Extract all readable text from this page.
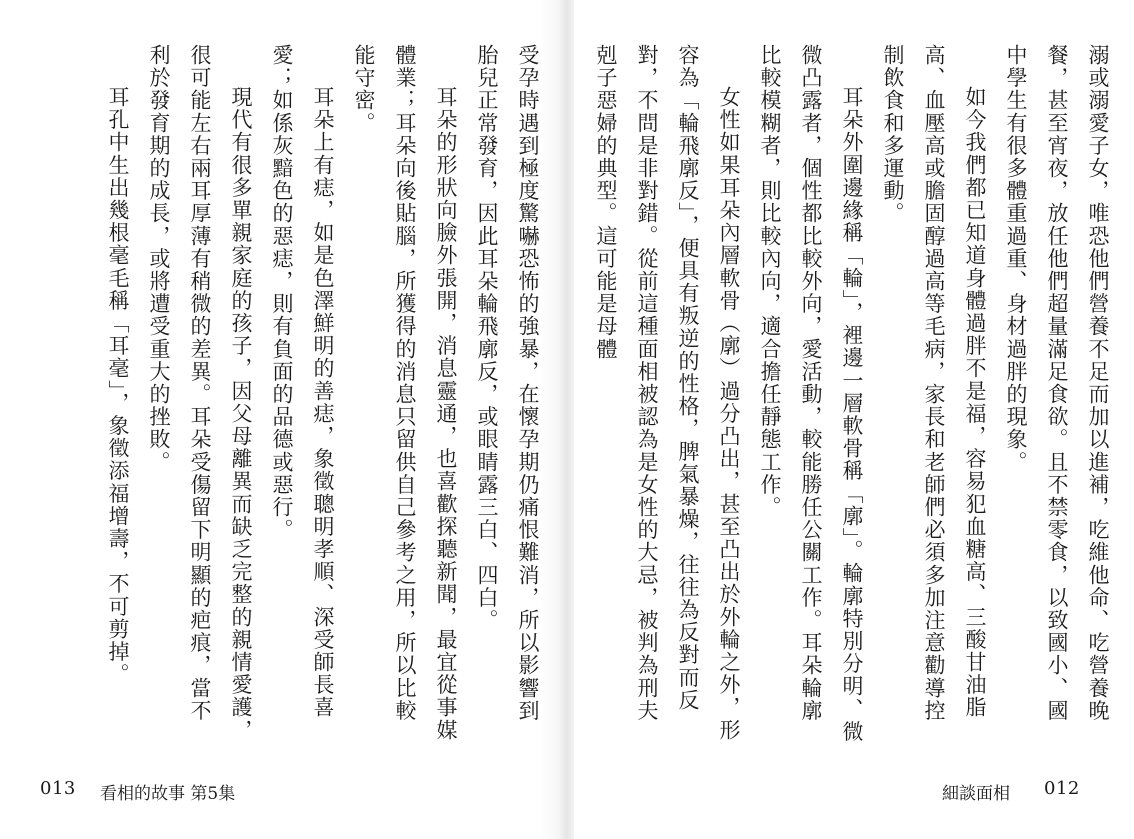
受孕時遇到極度驚嚇恐怖的強暴，在懷孕期仍痛恨難消，所以影響到胎兒正常發育，因此耳朵輪飛廓反，或眼睛露三白、四白。

耳朵的形狀向臉外張開，消息靈通，也喜歡探聽新聞，最宜從事媒體業；耳朵向後貼腦，所獲得的消息只留供自己參考之用，所以比較能守密。

耳朵上有痣，如是色澤鮮明的善痣，象徵聰明孝順、深受師長喜愛；如係灰黯色的惡痣，則有負面的品德或惡行。

現代有很多單親家庭的孩子，因父母離異而缺乏完整的親情愛護，很可能左右兩耳厚薄有稍微的差異。耳朵受傷留下明顯的疤痕，當不利於發育期的成長，或將遭受重大的挫敗。

耳孔中生出幾根毫毛稱「耳毫」，象徵添福增壽，不可剪掉。

013 看相的故事 第5集

溺或溺愛子女，唯恐他們營養不足而加以進補，吃維他命、吃營養晚餐，甚至宵夜，放任他們超量滿足食欲。且不禁零食，以致國小、國中學生有很多體重過重、身材過胖的現象。

如今我們都已知道身體過胖不是福，容易犯血糖高、三酸甘油脂高、血壓高或膽固醇過高等毛病，家長和老師們必須多加注意勸導控制飲食和多運動。

耳朵外圍邊緣稱「輪」，裡邊一層軟骨稱「廓」。輪廓特別分明、微微凸露者，個性都比較外向，愛活動，較能勝任公關工作。耳朵輪廓比較模糊者，則比較內向，適合擔任靜態工作。

女性如果耳朵內層軟骨（廓）過分凸出，甚至凸出於外輪之外，形容為「輪飛廓反」，便具有叛逆的性格，脾氣暴燥，往往為反對而反對，不問是非對錯。從前這種面相被認為是女性的大忌，被判為刑夫剋子惡婦的典型。這可能是母體

細談面相 012
